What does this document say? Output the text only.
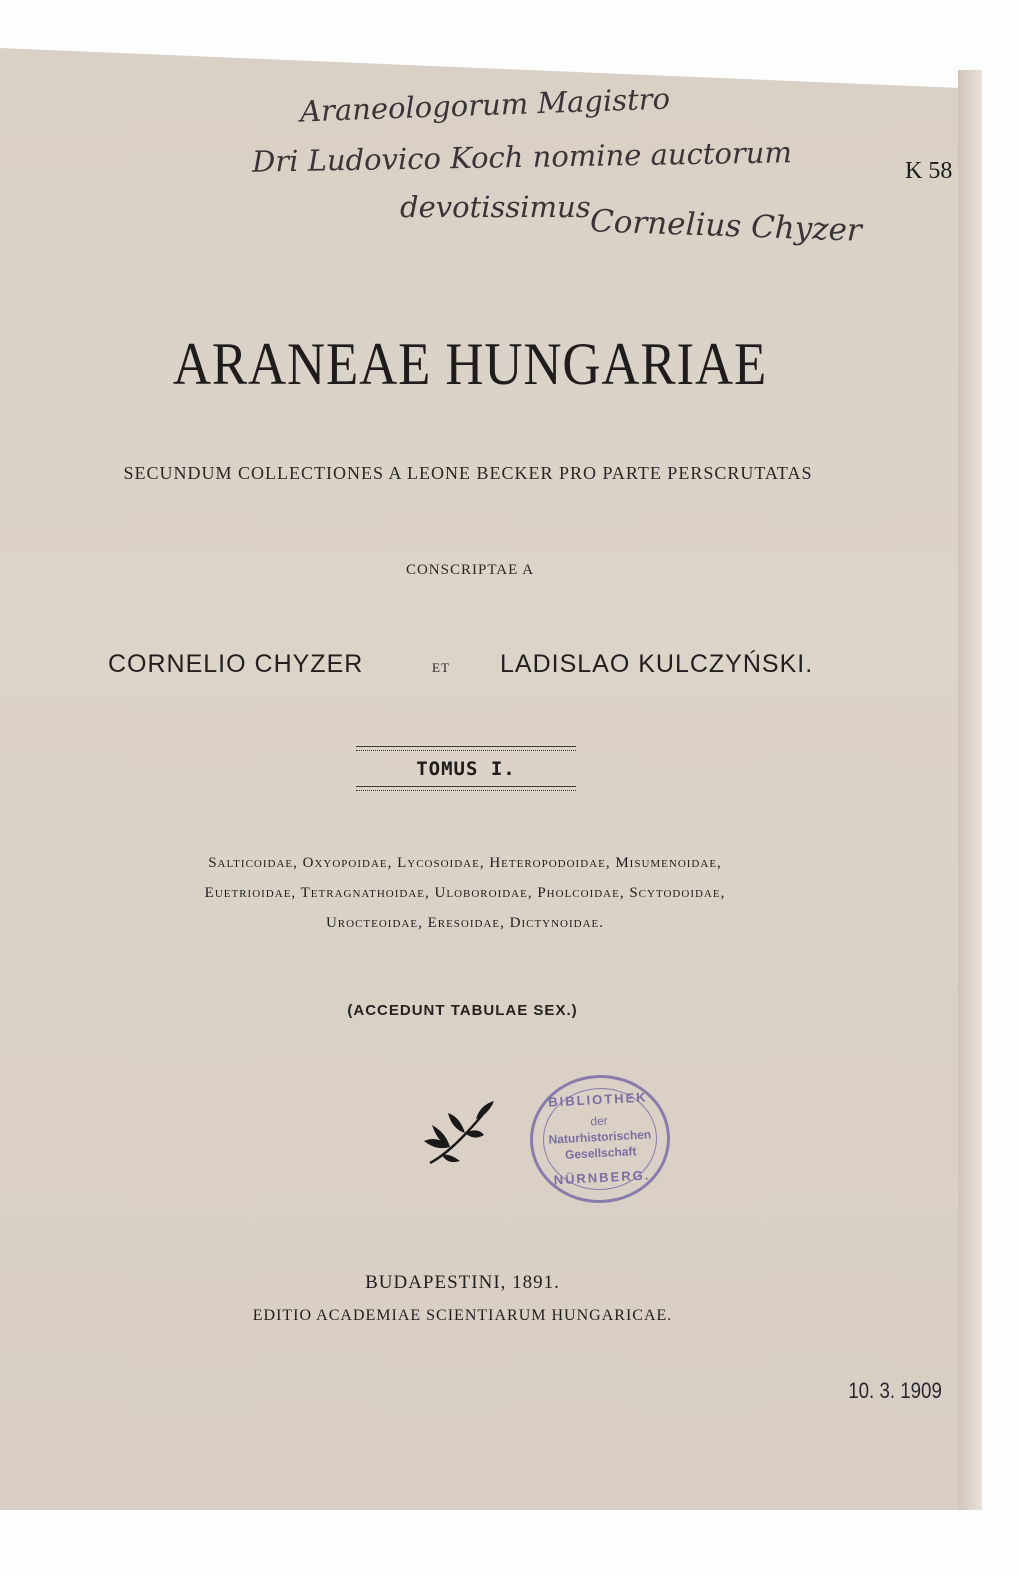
Araneologorum Magistro
Dri Ludovico Koch nomine auctorum
devotissimus
Cornelius Chyzer
K 58
ARANEAE HUNGARIAE
SECUNDUM COLLECTIONES A LEONE BECKER PRO PARTE PERSCRUTATAS
CONSCRIPTAE A
CORNELIO CHYZER	ET LADISLAO KULCZYŃSKI.
TOMUS I.
Salticoidae, Oxyopoidae, Lycosoidae, Heteropodoidae, Misumenoidae,
Euetrioidae, Tetragnathoidae, Uloboroidae, Pholcoidae, Scytodoidae,
Urocteoidae, Eresoidae, Dictynoidae.
(ACCEDUNT TABULAE SEX.)
BIBLIOTHEK
der
Naturhistorischen
Gesellschaft
NÜRNBERG.
BUDAPESTINI, 1891.
EDITIO ACADEMIAE SCIENTIARUM HUNGARICAE.
10. 3. 1909
